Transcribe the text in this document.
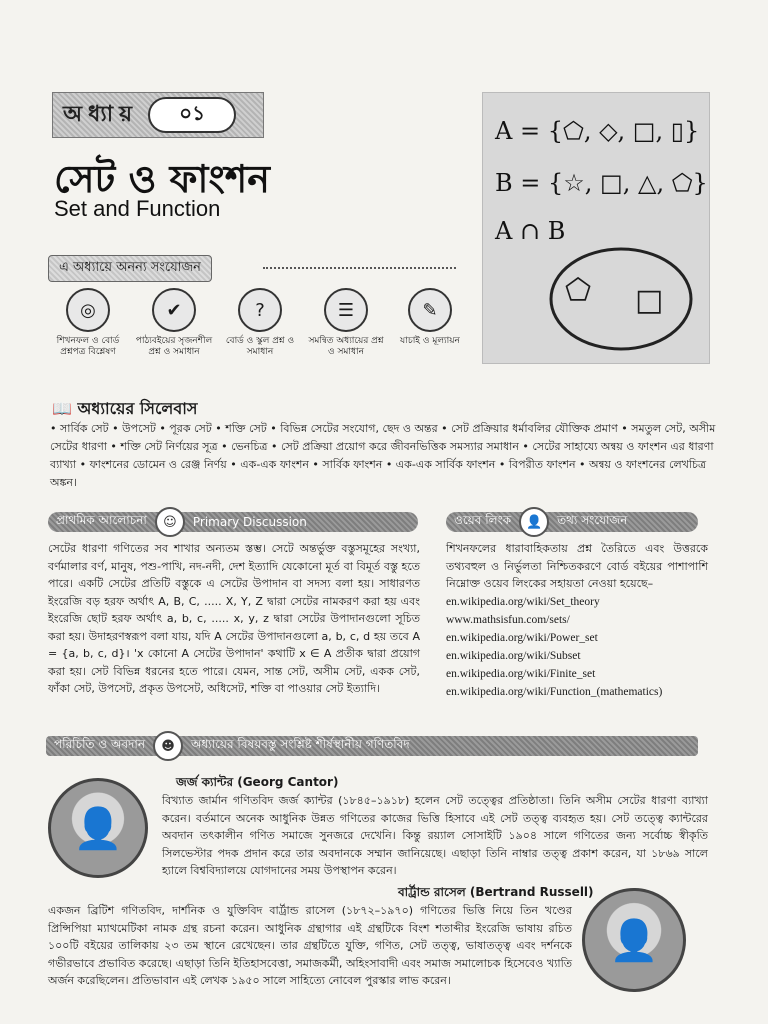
অধ্যায়	০১
সেট ও ফাংশন
Set and Function
এ অধ্যায়ে অনন্য সংযোজন
◎
শিখনফল ও বোর্ড প্রশ্নপত্র বিশ্লেষণ
✔
পাঠ্যবইয়ের সৃজনশীল প্রশ্ন ও সমাধান
?
বোর্ড ও স্কুল প্রশ্ন ও সমাধান
☰
সমন্বিত অধ্যায়ের প্রশ্ন ও সমাধান
✎
যাচাই ও মূল্যায়ন
A = {⬠, ◇, □, ▯}
B = {☆, □, △, ⬠}
A ∩ B
⬠ □
📖 অধ্যায়ের সিলেবাস
• সার্বিক সেট • উপসেট • পূরক সেট • শক্তি সেট • বিভিন্ন সেটের সংযোগ, ছেদ ও অন্তর • সেট প্রক্রিয়ার ধর্মাবলির যৌক্তিক প্রমাণ • সমতুল সেট, অসীম সেটের ধারণা • শক্তি সেট নির্ণয়ের সূত্র • ভেনচিত্র • সেট প্রক্রিয়া প্রয়োগ করে জীবনভিত্তিক সমস্যার সমাধান • সেটের সাহায্যে অন্বয় ও ফাংশন এর ধারণা ব্যাখ্যা • ফাংশনের ডোমেন ও রেঞ্জ নির্ণয় • এক-এক ফাংশন • সার্বিক ফাংশন • এক-এক সার্বিক ফাংশন • বিপরীত ফাংশন • অন্বয় ও ফাংশনের লেখচিত্র অঙ্কন।
প্রাথমিক আলোচনা	☺	Primary Discussion
সেটের ধারণা গণিতের সব শাখার অন্যতম স্তম্ভ। সেটে অন্তর্ভুক্ত বস্তুসমূহের সংখ্যা, বর্ণমালার বর্ণ, মানুষ, পশু-পাখি, নদ-নদী, দেশ ইত্যাদি যেকোনো মূর্ত বা বিমূর্ত বস্তু হতে পারে। একটি সেটের প্রতিটি বস্তুকে এ সেটের উপাদান বা সদস্য বলা হয়। সাধারণত ইংরেজি বড় হরফ অর্থাৎ A, B, C, ..... X, Y, Z দ্বারা সেটের নামকরণ করা হয় এবং ইংরেজি ছোট হরফ অর্থাৎ a, b, c, ..... x, y, z দ্বারা সেটের উপাদানগুলো সূচিত করা হয়। উদাহরণস্বরূপ বলা যায়, যদি A সেটের উপাদানগুলো a, b, c, d হয় তবে A = {a, b, c, d}। 'x কোনো A সেটের উপাদান' কথাটি x ∈ A প্রতীক দ্বারা প্রয়োগ করা হয়। সেট বিভিন্ন ধরনের হতে পারে। যেমন, সান্ত সেট, অসীম সেট, একক সেট, ফাঁকা সেট, উপসেট, প্রকৃত উপসেট, অধিসেট, শক্তি বা পাওয়ার সেট ইত্যাদি।
ওয়েব লিংক	👤	তথ্য সংযোজন
শিখনফলের ধারাবাহিকতায় প্রশ্ন তৈরিতে এবং উত্তরকে তথ্যবহুল ও নির্ভুলতা নিশ্চিতকরণে বোর্ড বইয়ের পাশাপাশি নিম্নোক্ত ওয়েব লিংকের সহায়তা নেওয়া হয়েছে–
en.wikipedia.org/wiki/Set_theory
www.mathsisfun.com/sets/
en.wikipedia.org/wiki/Power_set
en.wikipedia.org/wiki/Subset
en.wikipedia.org/wiki/Finite_set
en.wikipedia.org/wiki/Function_(mathematics)
পরিচিতি ও অবদান	☻	অধ্যায়ের বিষয়বস্তু সংশ্লিষ্ট শীর্ষস্থানীয় গণিতবিদ
👤
জর্জ ক্যান্টর (Georg Cantor)
বিখ্যাত জার্মান গণিতবিদ জর্জ ক্যান্টর (১৮৪৫–১৯১৮) হলেন সেট তত্ত্বের প্রতিষ্ঠাতা। তিনি অসীম সেটের ধারণা ব্যাখ্যা করেন। বর্তমানে অনেক আধুনিক উন্নত গণিতের কাজের ভিত্তি হিসাবে এই সেট তত্ত্ব ব্যবহৃত হয়। সেট তত্ত্বে ক্যান্টরের অবদান তৎকালীন গণিত সমাজে সুনজরে দেখেনি। কিন্তু রয়্যাল সোসাইটি ১৯০৪ সালে গণিতের জন্য সর্বোচ্চ স্বীকৃতি সিলভেস্টার পদক প্রদান করে তার অবদানকে সম্মান জানিয়েছে। এছাড়া তিনি নাম্বার তত্ত্ব প্রকাশ করেন, যা ১৮৬৯ সালে হ্যালে বিশ্ববিদ্যালয়ে যোগদানের সময় উপস্থাপন করেন।
বার্ট্রান্ড রাসেল (Bertrand Russell)
একজন ব্রিটিশ গণিতবিদ, দার্শনিক ও যুক্তিবিদ বার্ট্রান্ড রাসেল (১৮৭২–১৯৭০) গণিতের ভিত্তি নিয়ে তিন খণ্ডের প্রিন্সিপিয়া ম্যাথমেটিকা নামক গ্রন্থ রচনা করেন। আধুনিক গ্রন্থাগার এই গ্রন্থটিকে বিংশ শতাব্দীর ইংরেজি ভাষায় রচিত ১০০টি বইয়ের তালিকায় ২৩ তম স্থানে রেখেছেন। তার গ্রন্থটিতে যুক্তি, গণিত, সেট তত্ত্ব, ভাষাতত্ত্ব এবং দর্শনকে গভীরভাবে প্রভাবিত করেছে। এছাড়া তিনি ইতিহাসবেত্তা, সমাজকর্মী, অহিংসাবাদী এবং সমাজ সমালোচক হিসেবেও খ্যাতি অর্জন করেছিলেন। প্রতিভাবান এই লেখক ১৯৫০ সালে সাহিত্যে নোবেল পুরস্কার লাভ করেন।
👤
